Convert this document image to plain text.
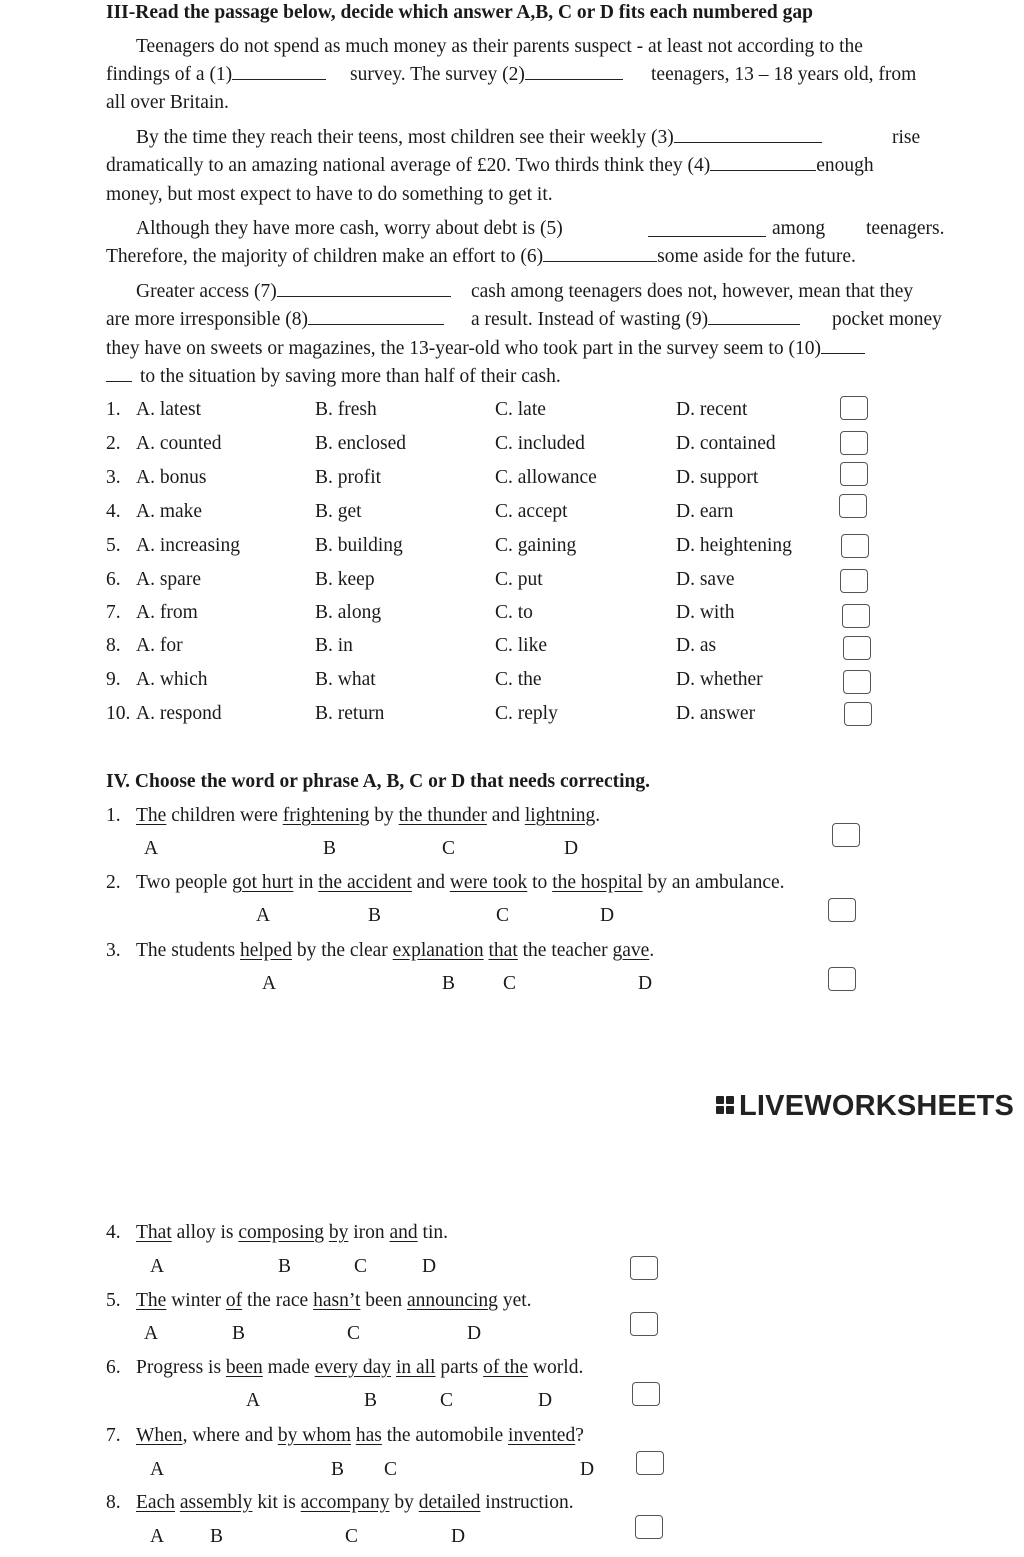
III-Read the passage below, decide which answer A,B, C or D fits each numbered gap
Teenagers do not spend as much money as their parents suspect - at least not according to the
findings of a (1)	survey. The survey (2)	teenagers, 13 – 18 years old, from
all over Britain.
By the time they reach their teens, most children see their weekly (3)	rise
dramatically to an amazing national average of £20. Two thirds think they (4)	enough
money, but most expect to have to do something to get it.
Although they have more cash, worry about debt is (5)	among teenagers.
Therefore, the majority of children make an effort to (6)	some aside for the future.
Greater access (7)	cash among teenagers does not, however, mean that they
are more irresponsible (8)	a result. Instead of wasting (9)	pocket money
they have on sweets or magazines, the 13-year-old who took part in the survey seem to (10)
to the situation by saving more than half of their cash.
1. A. latest	B. fresh	C. late	D. recent
2. A. counted	B. enclosed	C. included	D. contained
3. A. bonus	B. profit	C. allowance	D. support
4. A. make	B. get	C. accept	D. earn
5. A. increasing	B. building	C. gaining	D. heightening
6. A. spare	B. keep	C. put	D. save
7. A. from	B. along	C. to	D. with
8. A. for	B. in	C. like	D. as
9. A. which	B. what	C. the	D. whether
10. A. respond	B. return	C. reply	D. answer
IV. Choose the word or phrase A, B, C or D that needs correcting.
1. The children were frightening by the thunder and lightning.
A	B	C	D
2. Two people got hurt in the accident and were took to the hospital by an ambulance.
A	B	C	D
3. The students helped by the clear explanation that the teacher gave.
A	B C	D
4. That alloy is composing by iron and tin.
A	B	C	D
5. The winter of the race hasn’t been announcing yet.
A	B	C	D
6. Progress is been made every day in all parts of the world.
A	B	C	D
7. When, where and by whom has the automobile invented?
A	B C	D
8. Each assembly kit is accompany by detailed instruction.
A B	C	D
LIVEWORKSHEETS
